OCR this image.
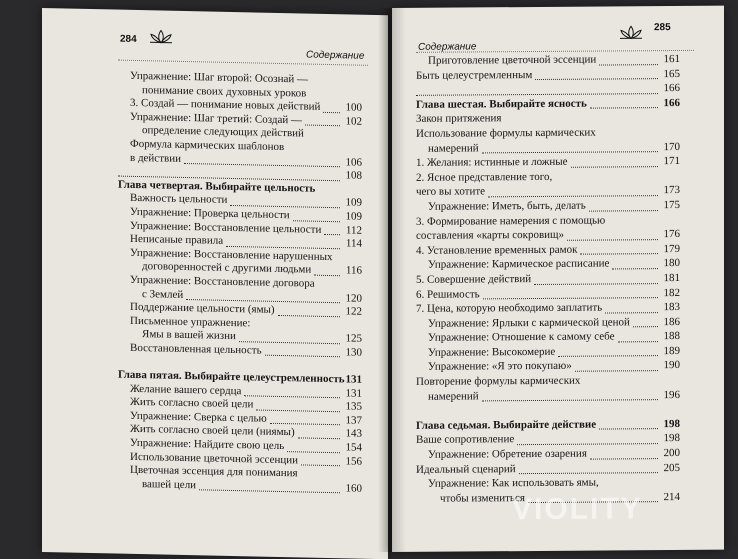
284
Содержание
Упражнение: Шаг второй: Осознай —
понимание своих духовных уроков
3. Создай — понимание новых действий	100
Упражнение: Шаг третий: Создай —	102
определение следующих действий
Формула кармических шаблонов
в действии	106
108
Глава четвертая. Выбирайте цельность
Важность цельности	109
Упражнение: Проверка цельности	109
Упражнение: Восстановление цельности	112
Неписаные правила	114
Упражнение: Восстановление нарушенных
договоренностей с другими людьми	116
Упражнение: Восстановление договора
с Землей	120
Поддержание цельности (ямы)	122
Письменное упражнение:
Ямы в вашей жизни	125
Восстановленная цельность	130
Глава пятая. Выбирайте целеустремленность 131
Желание вашего сердца	131
Жить согласно своей цели	135
Упражнение: Сверка с целью	137
Жить согласно своей цели (ниямы)	143
Упражнение: Найдите свою цель	154
Использование цветочной эссенции	156
Цветочная эссенция для понимания
вашей цели	160
Содержание
285
Приготовление цветочной эссенции	161
Быть целеустремленным	165
166
Глава шестая. Выбирайте ясность	166
Закон притяжения
Использование формулы кармических
намерений	170
1. Желания: истинные и ложные	171
2. Ясное представление того,
чего вы хотите	173
Упражнение: Иметь, быть, делать	175
3. Формирование намерения с помощью
составления «карты сокровищ»	176
4. Установление временных рамок	179
Упражнение: Кармическое расписание	180
5. Совершение действий	181
6. Решимость	182
7. Цена, которую необходимо заплатить	183
Упражнение: Ярлыки с кармической ценой	186
Упражнение: Отношение к самому себе	188
Упражнение: Высокомерие	189
Упражнение: «Я это покупаю»	190
Повторение формулы кармических
намерений	196
Глава седьмая. Выбирайте действие	198
Ваше сопротивление	198
Упражнение: Обретение озарения	200
Идеальный сценарий	205
Упражнение: Как использовать ямы,
чтобы измениться	214
VIOLITY
